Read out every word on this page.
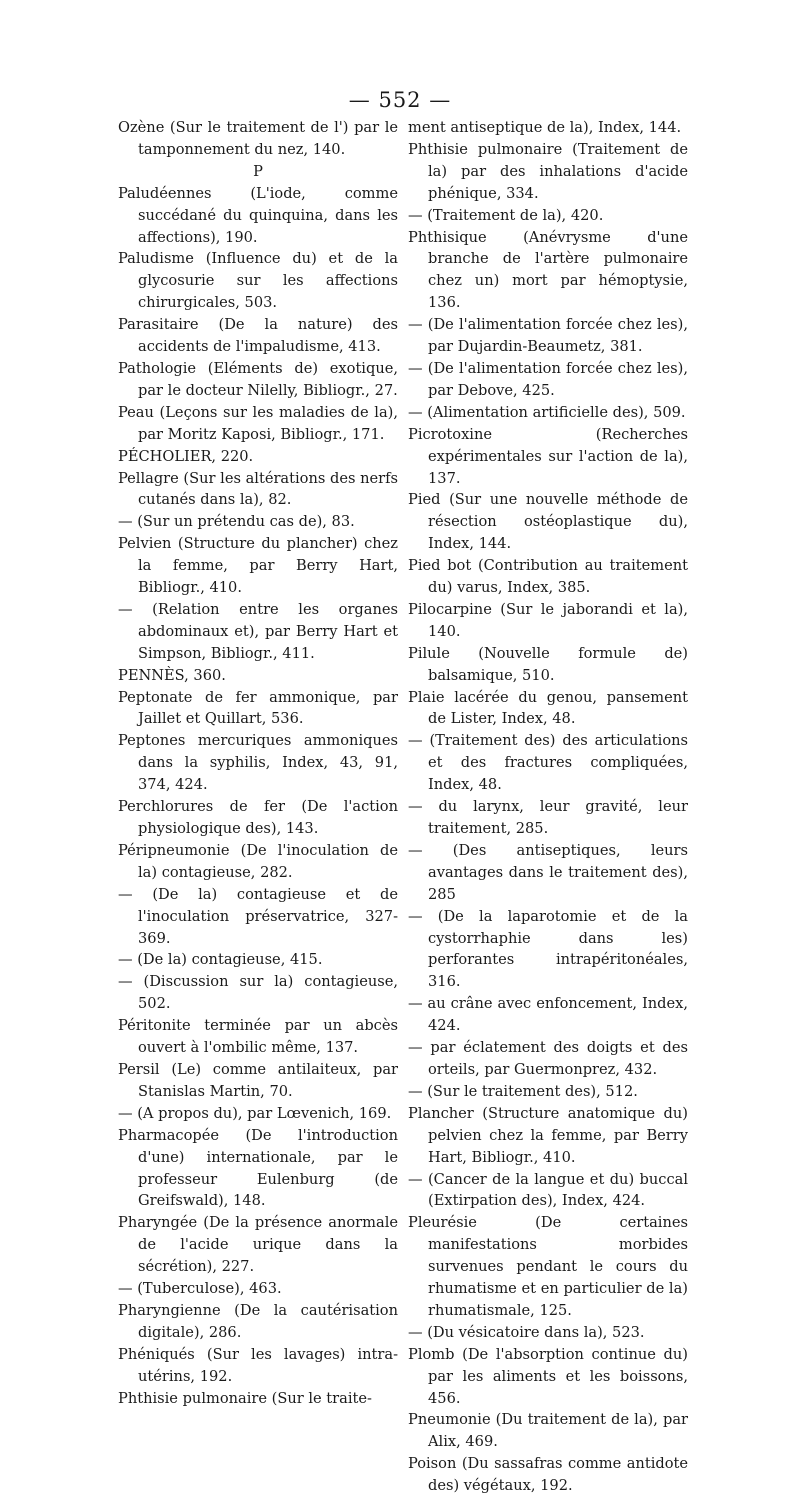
— 552 —
Ozène (Sur le traitement de l') par le tamponnement du nez, 140.
P
Paludéennes (L'iode, comme succédané du quinquina, dans les affections), 190.
Paludisme (Influence du) et de la glycosurie sur les affections chirurgicales, 503.
Parasitaire (De la nature) des accidents de l'impaludisme, 413.
Pathologie (Eléments de) exotique, par le docteur Nilelly, Bibliogr., 27.
Peau (Leçons sur les maladies de la), par Moritz Kaposi, Bibliogr., 171.
PÉCHOLIER, 220.
Pellagre (Sur les altérations des nerfs cutanés dans la), 82.
— (Sur un prétendu cas de), 83.
Pelvien (Structure du plancher) chez la femme, par Berry Hart, Bibliogr., 410.
— (Relation entre les organes abdominaux et), par Berry Hart et Simpson, Bibliogr., 411.
PENNÈS, 360.
Peptonate de fer ammonique, par Jaillet et Quillart, 536.
Peptones mercuriques ammoniques dans la syphilis, Index, 43, 91, 374, 424.
Perchlorures de fer (De l'action physiologique des), 143.
Péripneumonie (De l'inoculation de la) contagieuse, 282.
— (De la) contagieuse et de l'inoculation préservatrice, 327-369.
— (De la) contagieuse, 415.
— (Discussion sur la) contagieuse, 502.
Péritonite terminée par un abcès ouvert à l'ombilic même, 137.
Persil (Le) comme antilaiteux, par Stanislas Martin, 70.
— (A propos du), par Lœvenich, 169.
Pharmacopée (De l'introduction d'une) internationale, par le professeur Eulenburg (de Greifswald), 148.
Pharyngée (De la présence anormale de l'acide urique dans la sécrétion), 227.
— (Tuberculose), 463.
Pharyngienne (De la cautérisation digitale), 286.
Phéniqués (Sur les lavages) intra-utérins, 192.
Phthisie pulmonaire (Sur le traite-
ment antiseptique de la), Index, 144.
Phthisie pulmonaire (Traitement de la) par des inhalations d'acide phénique, 334.
— (Traitement de la), 420.
Phthisique (Anévrysme d'une branche de l'artère pulmonaire chez un) mort par hémoptysie, 136.
— (De l'alimentation forcée chez les), par Dujardin-Beaumetz, 381.
— (De l'alimentation forcée chez les), par Debove, 425.
— (Alimentation artificielle des), 509.
Picrotoxine (Recherches expérimentales sur l'action de la), 137.
Pied (Sur une nouvelle méthode de résection ostéoplastique du), Index, 144.
Pied bot (Contribution au traitement du) varus, Index, 385.
Pilocarpine (Sur le jaborandi et la), 140.
Pilule (Nouvelle formule de) balsamique, 510.
Plaie lacérée du genou, pansement de Lister, Index, 48.
— (Traitement des) des articulations et des fractures compliquées, Index, 48.
— du larynx, leur gravité, leur traitement, 285.
— (Des antiseptiques, leurs avantages dans le traitement des), 285
— (De la laparotomie et de la cystorrhaphie dans les) perforantes intrapéritonéales, 316.
— au crâne avec enfoncement, Index, 424.
— par éclatement des doigts et des orteils, par Guermonprez, 432.
— (Sur le traitement des), 512.
Plancher (Structure anatomique du) pelvien chez la femme, par Berry Hart, Bibliogr., 410.
— (Cancer de la langue et du) buccal (Extirpation des), Index, 424.
Pleurésie (De certaines manifestations morbides survenues pendant le cours du rhumatisme et en particulier de la) rhumatismale, 125.
— (Du vésicatoire dans la), 523.
Plomb (De l'absorption continue du) par les aliments et les boissons, 456.
Pneumonie (Du traitement de la), par Alix, 469.
Poison (Du sassafras comme antidote des) végétaux, 192.
